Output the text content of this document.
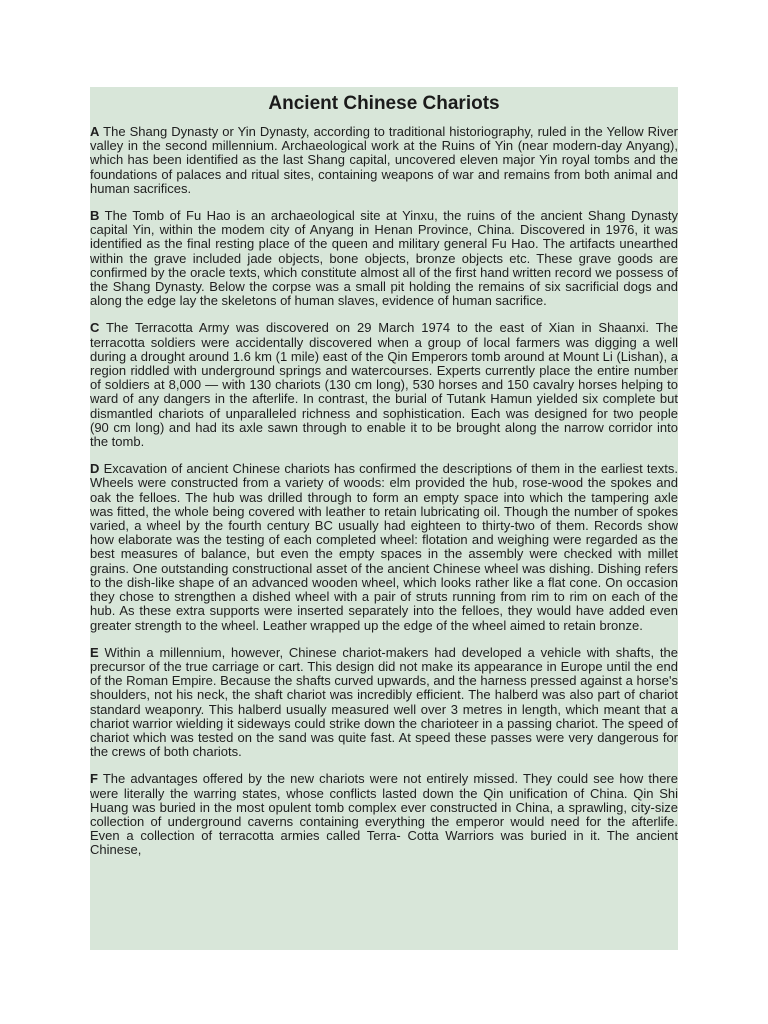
Ancient Chinese Chariots

A The Shang Dynasty or Yin Dynasty, according to traditional historiography, ruled in the Yellow River valley in the second millennium. Archaeological work at the Ruins of Yin (near modern-day Anyang), which has been identified as the last Shang capital, uncovered eleven major Yin royal tombs and the foundations of palaces and ritual sites, containing weapons of war and remains from both animal and human sacrifices.

B The Tomb of Fu Hao is an archaeological site at Yinxu, the ruins of the ancient Shang Dynasty capital Yin, within the modem city of Anyang in Henan Province, China. Discovered in 1976, it was identified as the final resting place of the queen and military general Fu Hao. The artifacts unearthed within the grave included jade objects, bone objects, bronze objects etc. These grave goods are confirmed by the oracle texts, which constitute almost all of the first hand written record we possess of the Shang Dynasty. Below the corpse was a small pit holding the remains of six sacrificial dogs and along the edge lay the skeletons of human slaves, evidence of human sacrifice.

C The Terracotta Army was discovered on 29 March 1974 to the east of Xian in Shaanxi. The terracotta soldiers were accidentally discovered when a group of local farmers was digging a well during a drought around 1.6 km (1 mile) east of the Qin Emperors tomb around at Mount Li (Lishan), a region riddled with underground springs and watercourses. Experts currently place the entire number of soldiers at 8,000 — with 130 chariots (130 cm long), 530 horses and 150 cavalry horses helping to ward of any dangers in the afterlife. In contrast, the burial of Tutank Hamun yielded six complete but dismantled chariots of unparalleled richness and sophistication. Each was designed for two people (90 cm long) and had its axle sawn through to enable it to be brought along the narrow corridor into the tomb.

D Excavation of ancient Chinese chariots has confirmed the descriptions of them in the earliest texts. Wheels were constructed from a variety of woods: elm provided the hub, rose-wood the spokes and oak the felloes. The hub was drilled through to form an empty space into which the tampering axle was fitted, the whole being covered with leather to retain lubricating oil. Though the number of spokes varied, a wheel by the fourth century BC usually had eighteen to thirty-two of them. Records show how elaborate was the testing of each completed wheel: flotation and weighing were regarded as the best measures of balance, but even the empty spaces in the assembly were checked with millet grains. One outstanding constructional asset of the ancient Chinese wheel was dishing. Dishing refers to the dish-like shape of an advanced wooden wheel, which looks rather like a flat cone. On occasion they chose to strengthen a dished wheel with a pair of struts running from rim to rim on each of the hub. As these extra supports were inserted separately into the felloes, they would have added even greater strength to the wheel. Leather wrapped up the edge of the wheel aimed to retain bronze.

E Within a millennium, however, Chinese chariot-makers had developed a vehicle with shafts, the precursor of the true carriage or cart. This design did not make its appearance in Europe until the end of the Roman Empire. Because the shafts curved upwards, and the harness pressed against a horse's shoulders, not his neck, the shaft chariot was incredibly efficient. The halberd was also part of chariot standard weaponry. This halberd usually measured well over 3 metres in length, which meant that a chariot warrior wielding it sideways could strike down the charioteer in a passing chariot. The speed of chariot which was tested on the sand was quite fast. At speed these passes were very dangerous for the crews of both chariots.

F The advantages offered by the new chariots were not entirely missed. They could see how there were literally the warring states, whose conflicts lasted down the Qin unification of China. Qin Shi Huang was buried in the most opulent tomb complex ever constructed in China, a sprawling, city-size collection of underground caverns containing everything the emperor would need for the afterlife. Even a collection of terracotta armies called Terra- Cotta Warriors was buried in it. The ancient Chinese,
